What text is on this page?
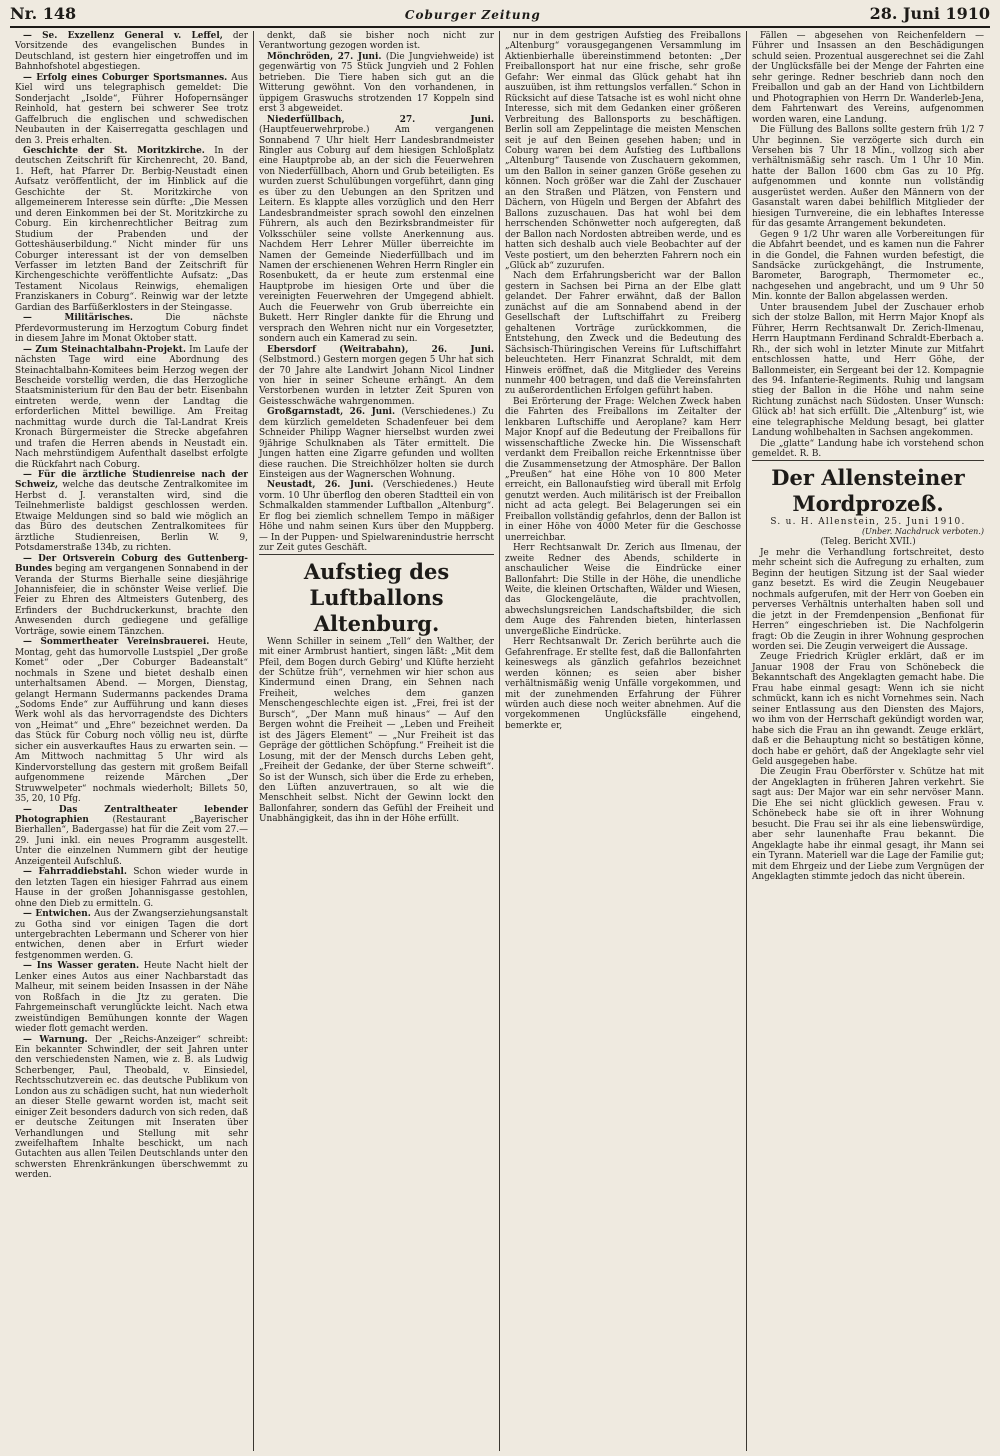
Nr. 148	Coburger Zeitung	28. Juni 1910

— Se. Exzellenz General v. Leffel, der Vorsitzende des evangelischen Bundes in Deutschland, ist gestern hier eingetroffen und im Bahnhofshotel abgestiegen.

— Erfolg eines Coburger Sportsmannes. Aus Kiel wird uns telegraphisch gemeldet: Die Sonderjacht „Isolde“, Führer Hofopernsänger Reinhold, hat gestern bei schwerer See trotz Gaffelbruch die englischen und schwedischen Neubauten in der Kaiserregatta geschlagen und den 3. Preis erhalten.

Geschichte der St. Moritzkirche. In der deutschen Zeitschrift für Kirchenrecht, 20. Band, 1. Heft, hat Pfarrer Dr. Berbig-Neustadt einen Aufsatz veröffentlicht, der im Hinblick auf die Geschichte der St. Moritzkirche von allgemeinerem Interesse sein dürfte: „Die Messen und deren Einkommen bei der St. Moritzkirche zu Coburg. Ein kirchenrechtlicher Beitrag zum Studium der Prabenden und der Gotteshäuserbildung.“ Nicht minder für uns Coburger interessant ist der von demselben Verfasser im letzten Band der Zeitschrift für Kirchengeschichte veröffentlichte Aufsatz: „Das Testament Nicolaus Reinwigs, ehemaligen Franziskaners in Coburg“. Reinwig war der letzte Gardian des Barfüßerklosters in der Steingasse.

— Militärisches.	Die nächste Pferdevormusterung im Herzogtum Coburg findet in diesem Jahre im Monat Oktober statt.

— Zum Steinachtalbahn-Projekt. Im Laufe der nächsten Tage wird eine Abordnung des Steinachtalbahn-Komitees beim Herzog wegen der Bescheide vorstellig werden, die das Herzogliche Staatsministerium für den Bau der betr. Eisenbahn eintreten werde, wenn der Landtag die erforderlichen Mittel bewillige. Am Freitag nachmittag wurde durch die Tal-Landrat Kreis Kronach Bürgermeister die Strecke abgefahren und trafen die Herren abends in Neustadt ein. Nach mehrstündigem Aufenthalt daselbst erfolgte die Rückfahrt nach Coburg.

— Für die ärztliche Studienreise nach der Schweiz, welche das deutsche Zentralkomitee im Herbst d. J. veranstalten wird, sind die Teilnehmerliste baldigst geschlossen werden. Etwaige Meldungen sind so bald wie möglich an das Büro des deutschen Zentralkomitees für ärztliche Studienreisen, Berlin W. 9, Potsdamerstraße 134b, zu richten.

— Der Ortsverein Coburg des Guttenberg-Bundes beging am vergangenen Sonnabend in der Veranda der Sturms Bierhalle seine diesjährige Johannisfeier, die in schönster Weise verlief. Die Feier zu Ehren des Altmeisters Gutenberg, des Erfinders der Buchdruckerkunst, brachte den Anwesenden durch gediegene und gefällige Vorträge, sowie einem Tänzchen.

— Sommertheater Vereinsbrauerei. Heute, Montag, geht das humorvolle Lustspiel „Der große Komet“ oder „Der Coburger Badeanstalt“ nochmals in Szene und bietet deshalb einen unterhaltsamen Abend. — Morgen, Dienstag, gelangt Hermann Sudermanns packendes Drama „Sodoms Ende“ zur Aufführung und kann dieses Werk wohl als das hervorragendste des Dichters von „Heimat“ und „Ehre“ bezeichnet werden. Da das Stück für Coburg noch völlig neu ist, dürfte sicher ein ausverkauftes Haus zu erwarten sein. — Am Mittwoch nachmittag 5 Uhr wird als Kindervorstellung das gestern mit großem Beifall aufgenommene reizende Märchen „Der Struwwelpeter“ nochmals wiederholt; Billets 50, 35, 20, 10 Pfg.

— Das Zentraltheater lebender Photographien	(Restaurant „Bayerischer Bierhallen“, Badergasse) hat für die Zeit vom 27.—29. Juni inkl. ein neues Programm ausgestellt. Unter die einzelnen Nummern gibt der heutige Anzeigenteil Aufschluß.

— Fahrraddiebstahl. Schon wieder wurde in den letzten Tagen ein hiesiger Fahrrad aus einem Hause in der großen Johannisgasse gestohlen, ohne den Dieb zu ermitteln. G.

— Entwichen. Aus der Zwangserziehungsanstalt zu Gotha sind vor einigen Tagen die dort untergebrachten Lebermann und Scherer von hier entwichen, denen aber in Erfurt wieder festgenommen werden. G.

— Ins Wasser geraten. Heute Nacht hielt der Lenker eines Autos aus einer Nachbarstadt das Malheur, mit seinem beiden Insassen in der Nähe von Roßfach in die Jtz zu geraten. Die Fahrgemeinschaft verunglückte leicht. Nach etwa zweistündigen Bemühungen konnte der Wagen wieder flott gemacht werden.

— Warnung. Der „Reichs-Anzeiger“ schreibt: Ein bekannter Schwindler, der seit Jahren unter den verschiedensten Namen, wie z. B. als Ludwig Scherbenger, Paul, Theobald, v. Einsiedel, Rechtsschutzverein ec. das deutsche Publikum von London aus zu schädigen sucht, hat nun wiederholt an dieser Stelle gewarnt worden ist, macht seit einiger Zeit besonders dadurch von sich reden, daß er deutsche Zeitungen mit Inseraten über Verhandlungen und Stellung mit sehr zweifelhaftem Inhalte beschickt, um nach Gutachten aus allen Teilen Deutschlands unter den schwersten Ehrenkränkungen überschwemmt zu werden.

denkt, daß sie bisher noch nicht zur Verantwortung gezogen worden ist.

Mönchröden, 27. Juni. (Die Jungviehweide) ist gegenwärtig von 75 Stück Jungvieh und 2 Fohlen betrieben. Die Tiere haben sich gut an die Witterung gewöhnt. Von den vorhandenen, in üppigem Graswuchs strotzenden 17 Koppeln sind erst 3 abgeweidet.

Niederfüllbach, 27. Juni. (Hauptfeuerwehrprobe.) Am vergangenen Sonnabend 7 Uhr hielt Herr Landesbrandmeister Ringler aus Coburg auf dem hiesigen Schloßplatz eine Hauptprobe ab, an der sich die Feuerwehren von Niederfüllbach, Ahorn und Grub beteiligten. Es wurden zuerst Schulübungen vorgeführt, dann ging es über zu den Uebungen an den Spritzen und Leitern. Es klappte alles vorzüglich und den Herr Landesbrandmeister sprach sowohl den einzelnen Führern, als auch den Bezirksbrandmeister für Volksschüler seine vollste Anerkennung aus. Nachdem Herr Lehrer Müller überreichte im Namen der Gemeinde Niederfüllbach und im Namen der erschienenen Wehren Herrn Ringler ein Rosenbukett, da er heute zum erstenmal eine Hauptprobe im hiesigen Orte und über die vereinigten Feuerwehren der Umgegend abhielt. Auch die Feuerwehr von Grub überreichte ein Bukett. Herr Ringler dankte für die Ehrung und versprach den Wehren nicht nur ein Vorgesetzter, sondern auch ein Kamerad zu sein.

Ebersdorf (Weitrabahn), 26. Juni. (Selbstmord.) Gestern morgen gegen 5 Uhr hat sich der 70 Jahre alte Landwirt Johann Nicol Lindner von hier in seiner Scheune erhängt. An dem Verstorbenen wurden in letzter Zeit Spuren von Geistesschwäche wahrgenommen.

Großgarnstadt, 26. Juni. (Verschiedenes.) Zu dem kürzlich gemeldeten Schadenfeuer bei dem Schneider Philipp Wagner hierselbst wurden zwei 9jährige Schulknaben als Täter ermittelt. Die Jungen hatten eine Zigarre gefunden und wollten diese rauchen. Die Streichhölzer holten sie durch Einsteigen aus der Wagnerschen Wohnung.

Neustadt, 26. Juni. (Verschiedenes.) Heute vorm. 10 Uhr überflog den oberen Stadtteil ein von Schmalkalden stammender Luftballon „Altenburg“. Er flog bei ziemlich schnellem Tempo in mäßiger Höhe und nahm seinen Kurs über den Muppberg. — In der Puppen- und Spielwarenindustrie herrscht zur Zeit gutes Geschäft.

Aufstieg des Luftballons Altenburg.

Wenn Schiller in seinem „Tell“ den Walther, der mit einer Armbrust hantiert, singen läßt: „Mit dem Pfeil, dem Bogen durch Gebirg' und Klüfte herzieht der Schütze früh“, vernehmen wir hier schon aus Kindermund einen Drang, ein Sehnen nach Freiheit, welches dem ganzen Menschengeschlechte eigen ist. „Frei, frei ist der Bursch“, „Der Mann muß hinaus“ — Auf den Bergen wohnt die Freiheit — „Leben und Freiheit ist des Jägers Element“ — „Nur Freiheit ist das Gepräge der göttlichen Schöpfung.“ Freiheit ist die Losung, mit der der Mensch durchs Leben geht, „Freiheit der Gedanke, der über Sterne schweift“. So ist der Wunsch, sich über die Erde zu erheben, den Lüften anzuvertrauen, so alt wie die Menschheit selbst. Nicht der Gewinn lockt den Ballonfahrer, sondern das Gefühl der Freiheit und Unabhängigkeit, das ihn in der Höhe erfüllt.

nur in dem gestrigen Aufstieg des Freiballons „Altenburg“ vorausgegangenen Versammlung im Aktienbierhalle übereinstimmend betonten: „Der Freiballonsport hat nur eine frische, sehr große Gefahr: Wer einmal das Glück gehabt hat ihn auszuüben, ist ihm rettungslos verfallen.“ Schon in Rücksicht auf diese Tatsache ist es wohl nicht ohne Interesse, sich mit dem Gedanken einer größeren Verbreitung des Ballonsports zu beschäftigen. Berlin soll am Zeppelintage die meisten Menschen seit je auf den Beinen gesehen haben; und in Coburg waren bei dem Aufstieg des Luftballons „Altenburg“ Tausende von Zuschauern gekommen, um den Ballon in seiner ganzen Größe gesehen zu können. Noch größer war die Zahl der Zuschauer an den Straßen und Plätzen, von Fenstern und Dächern, von Hügeln und Bergen der Abfahrt des Ballons zuzuschauen. Das hat wohl bei dem herrschenden Schönwetter noch aufgeregten, daß der Ballon nach Nordosten abtreiben werde, und es hatten sich deshalb auch viele Beobachter auf der Veste postiert, um den beherzten Fahrern noch ein „Glück ab“ zuzurufen.

Nach dem Erfahrungsbericht war der Ballon gestern in Sachsen bei Pirna an der Elbe glatt gelandet. Der Fahrer erwähnt, daß der Ballon zunächst auf die am Sonnabend abend in der Gesellschaft der Luftschiffahrt zu Freiberg gehaltenen Vorträge zurückkommen, die Entstehung, den Zweck und die Bedeutung des Sächsisch-Thüringischen Vereins für Luftschiffahrt beleuchteten. Herr Finanzrat Schraldt, mit dem Hinweis eröffnet, daß die Mitglieder des Vereins nunmehr 400 betragen, und daß die Vereinsfahrten zu außerordentlichen Erfolgen geführt haben.

Bei Erörterung der Frage: Welchen Zweck haben die Fahrten des Freiballons im Zeitalter der lenkbaren Luftschiffe und Aeroplane? kam Herr Major Knopf auf die Bedeutung der Freiballons für wissenschaftliche Zwecke hin. Die Wissenschaft verdankt dem Freiballon reiche Erkenntnisse über die Zusammensetzung der Atmosphäre. Der Ballon „Preußen“ hat eine Höhe von 10 800 Meter erreicht, ein Ballonaufstieg wird überall mit Erfolg genutzt werden. Auch militärisch ist der Freiballon nicht ad acta gelegt. Bei Belagerungen sei ein Freiballon vollständig gefahrlos, denn der Ballon ist in einer Höhe von 4000 Meter für die Geschosse unerreichbar.

Herr Rechtsanwalt Dr. Zerich aus Ilmenau, der zweite Redner des Abends, schilderte in anschaulicher Weise die Eindrücke einer Ballonfahrt: Die Stille in der Höhe, die unendliche Weite, die kleinen Ortschaften, Wälder und Wiesen, das Glockengeläute, die prachtvollen, abwechslungsreichen Landschaftsbilder, die sich dem Auge des Fahrenden bieten, hinterlassen unvergeßliche Eindrücke.

Herr Rechtsanwalt Dr. Zerich berührte auch die Gefahrenfrage. Er stellte fest, daß die Ballonfahrten keineswegs als gänzlich gefahrlos bezeichnet werden können; es seien aber bisher verhältnismäßig wenig Unfälle vorgekommen, und mit der zunehmenden Erfahrung der Führer würden auch diese noch weiter abnehmen. Auf die vorgekommenen Unglücksfälle eingehend, bemerkte er,

Fällen — abgesehen von Reichenfeldern — Führer und Insassen an den Beschädigungen schuld seien. Prozentual ausgerechnet sei die Zahl der Unglücksfälle bei der Menge der Fahrten eine sehr geringe. Redner beschrieb dann noch den Freiballon und gab an der Hand von Lichtbildern und Photographien von Herrn Dr. Wanderleb-Jena, dem Fahrtenwart des Vereins, aufgenommen worden waren, eine Landung.

Die Füllung des Ballons sollte gestern früh 1/2 7 Uhr beginnen. Sie verzögerte sich durch ein Versehen bis 7 Uhr 18 Min., vollzog sich aber verhältnismäßig sehr rasch. Um 1 Uhr 10 Min. hatte der Ballon 1600 cbm Gas zu 10 Pfg. aufgenommen und konnte nun vollständig ausgerüstet werden. Außer den Männern von der Gasanstalt waren dabei behilflich Mitglieder der hiesigen Turnvereine, die ein lebhaftes Interesse für das gesamte Arrangement bekundeten.

Gegen 9 1/2 Uhr waren alle Vorbereitungen für die Abfahrt beendet, und es kamen nun die Fahrer in die Gondel, die Fahnen wurden befestigt, die Sandsäcke zurückgehängt, die Instrumente, Barometer, Barograph, Thermometer ec., nachgesehen und angebracht, und um 9 Uhr 50 Min. konnte der Ballon abgelassen werden.

Unter brausendem Jubel der Zuschauer erhob sich der stolze Ballon, mit Herrn Major Knopf als Führer, Herrn Rechtsanwalt Dr. Zerich-Ilmenau, Herrn Hauptmann Ferdinand Schraldt-Eberbach a. Rh., der sich wohl in letzter Minute zur Mitfahrt entschlossen hatte, und Herr Göhe, der Ballonmeister, ein Sergeant bei der 12. Kompagnie des 94. Infanterie-Regiments. Ruhig und langsam stieg der Ballon in die Höhe und nahm seine Richtung zunächst nach Südosten. Unser Wunsch: Glück ab! hat sich erfüllt. Die „Altenburg“ ist, wie eine telegraphische Meldung besagt, bei glatter Landung wohlbehalten in Sachsen angekommen.

Die „glatte“ Landung habe ich vorstehend schon gemeldet. R. B.

Der Allensteiner Mordprozeß.

S. u. H. Allenstein, 25. Juni 1910.

(Unber. Nachdruck verboten.)

(Teleg. Bericht XVII.)

Je mehr die Verhandlung fortschreitet, desto mehr scheint sich die Aufregung zu erhalten, zum Beginn der heutigen Sitzung ist der Saal wieder ganz besetzt. Es wird die Zeugin Neugebauer nochmals aufgerufen, mit der Herr von Goeben ein perverses Verhältnis unterhalten haben soll und die jetzt in der Fremdenpension „Benfionat für Herren“ eingeschrieben ist. Die Nachfolgerin fragt: Ob die Zeugin in ihrer Wohnung gesprochen worden sei. Die Zeugin verweigert die Aussage.

Zeuge Friedrich Krügler erklärt, daß er im Januar 1908 der Frau von Schönebeck die Bekanntschaft des Angeklagten gemacht habe. Die Frau habe einmal gesagt: Wenn ich sie nicht schmückt, kann ich es nicht Vornehmes sein. Nach seiner Entlassung aus den Diensten des Majors, wo ihm von der Herrschaft gekündigt worden war, habe sich die Frau an ihn gewandt. Zeuge erklärt, daß er die Behauptung nicht so bestätigen könne, doch habe er gehört, daß der Angeklagte sehr viel Geld ausgegeben habe.

Die Zeugin Frau Oberförster v. Schütze hat mit der Angeklagten in früheren Jahren verkehrt. Sie sagt aus: Der Major war ein sehr nervöser Mann. Die Ehe sei nicht glücklich gewesen. Frau v. Schönebeck habe sie oft in ihrer Wohnung besucht. Die Frau sei ihr als eine liebenswürdige, aber sehr launenhafte Frau bekannt. Die Angeklagte habe ihr einmal gesagt, ihr Mann sei ein Tyrann. Materiell war die Lage der Familie gut; mit dem Ehrgeiz und der Liebe zum Vergnügen der Angeklagten stimmte jedoch das nicht überein.
